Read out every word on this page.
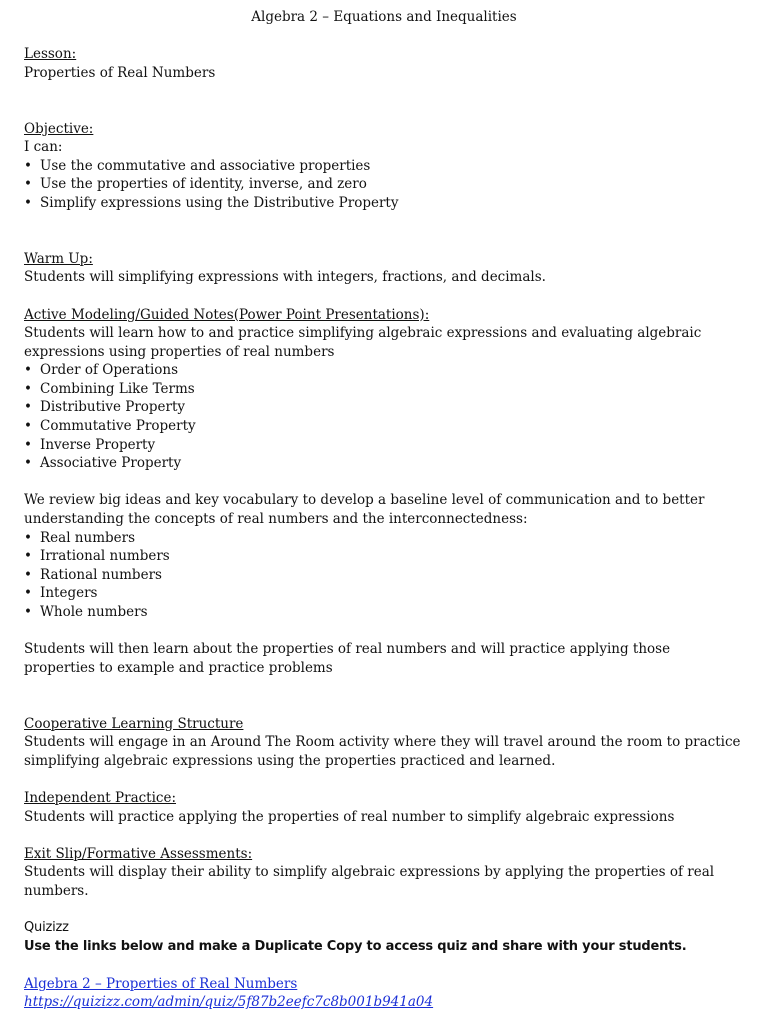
Algebra 2 – Equations and Inequalities
Lesson:
Properties of Real Numbers
Objective:
I can:
• Use the commutative and associative properties
• Use the properties of identity, inverse, and zero
• Simplify expressions using the Distributive Property
Warm Up:
Students will simplifying expressions with integers, fractions, and decimals.
Active Modeling/Guided Notes(Power Point Presentations):
Students will learn how to and practice simplifying algebraic expressions and evaluating algebraic expressions using properties of real numbers
• Order of Operations
• Combining Like Terms
• Distributive Property
• Commutative Property
• Inverse Property
• Associative Property
We review big ideas and key vocabulary to develop a baseline level of communication and to better understanding the concepts of real numbers and the interconnectedness:
• Real numbers
• Irrational numbers
• Rational numbers
• Integers
• Whole numbers
Students will then learn about the properties of real numbers and will practice applying those properties to example and practice problems
Cooperative Learning Structure
Students will engage in an Around The Room activity where they will travel around the room to practice simplifying algebraic expressions using the properties practiced and learned.
Independent Practice:
Students will practice applying the properties of real number to simplify algebraic expressions
Exit Slip/Formative Assessments:
Students will display their ability to simplify algebraic expressions by applying the properties of real numbers.
Quizizz
Use the links below and make a Duplicate Copy to access quiz and share with your students.
Algebra 2 – Properties of Real Numbers
https://quizizz.com/admin/quiz/5f87b2eefc7c8b001b941a04
